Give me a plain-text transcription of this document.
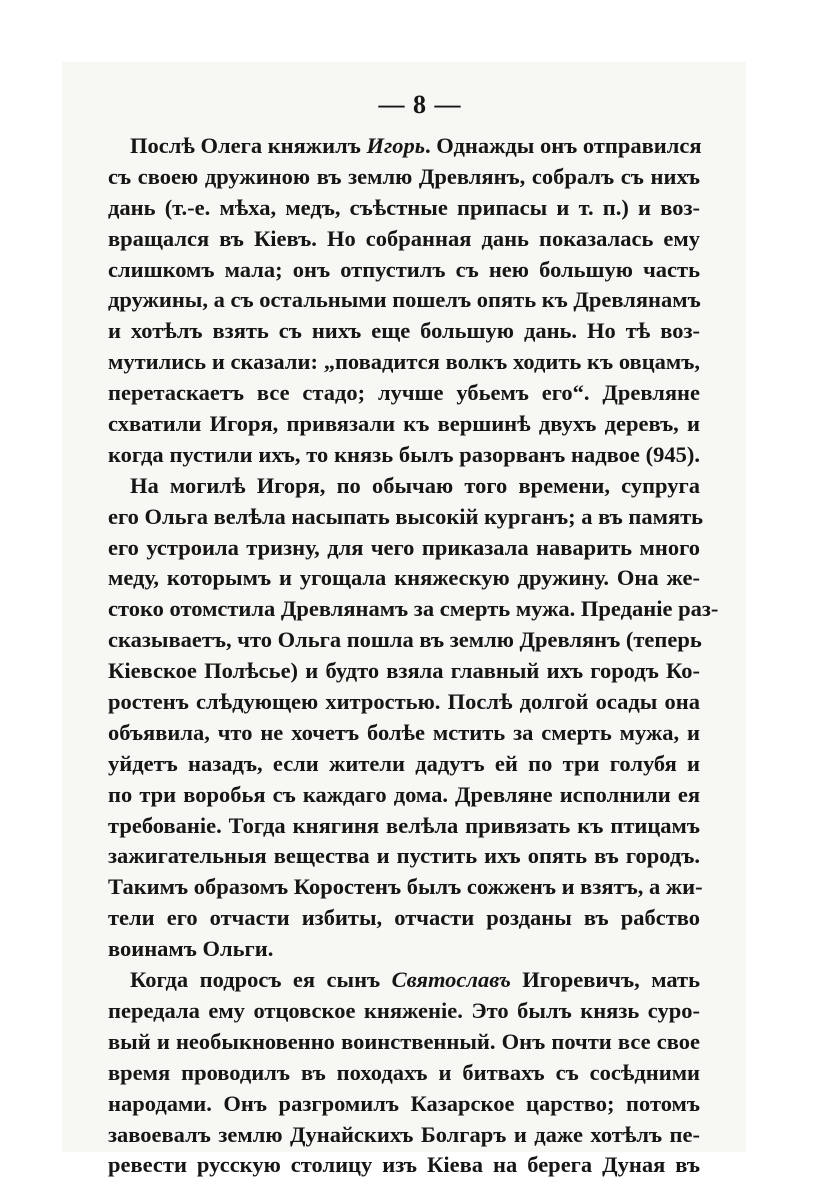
— 8 —
Послѣ Олега княжилъ Игорь. Однажды онъ отправился
съ своею дружиною въ землю Древлянъ, собралъ съ нихъ
дань (т.-е. мѣха, медъ, съѣстные припасы и т. п.) и воз-
вращался въ Кіевъ. Но собранная дань показалась ему
слишкомъ мала; онъ отпустилъ съ нею большую часть
дружины, а съ остальными пошелъ опять къ Древлянамъ
и хотѣлъ взять съ нихъ еще большую дань. Но тѣ воз-
мутились и сказали: „повадится волкъ ходить къ овцамъ,
перетаскаетъ все стадо; лучше убьемъ его“. Древляне
схватили Игоря, привязали къ вершинѣ двухъ деревъ, и
когда пустили ихъ, то князь былъ разорванъ надвое (945).
На могилѣ Игоря, по обычаю того времени, супруга
его Ольга велѣла насыпать высокій курганъ; а въ память
его устроила тризну, для чего приказала наварить много
меду, которымъ и угощала княжескую дружину. Она же-
стоко отомстила Древлянамъ за смерть мужа. Преданіе раз-
сказываетъ, что Ольга пошла въ землю Древлянъ (теперь
Кіевское Полѣсье) и будто взяла главный ихъ городъ Ко-
ростенъ слѣдующею хитростью. Послѣ долгой осады она
объявила, что не хочетъ болѣе мстить за смерть мужа, и
уйдетъ назадъ, если жители дадутъ ей по три голубя и
по три воробья съ каждаго дома. Древляне исполнили ея
требованіе. Тогда княгиня велѣла привязать къ птицамъ
зажигательныя вещества и пустить ихъ опять въ городъ.
Такимъ образомъ Коростенъ былъ сожженъ и взятъ, а жи-
тели его отчасти избиты, отчасти розданы въ рабство
воинамъ Ольги.
Когда подросъ ея сынъ Святославъ Игоревичъ, мать
передала ему отцовское княженіе. Это былъ князь суро-
вый и необыкновенно воинственный. Онъ почти все свое
время проводилъ въ походахъ и битвахъ съ сосѣдними
народами. Онъ разгромилъ Казарское царство; потомъ
завоевалъ землю Дунайскихъ Болгаръ и даже хотѣлъ пе-
ревести русскую столицу изъ Кіева на берега Дуная въ
